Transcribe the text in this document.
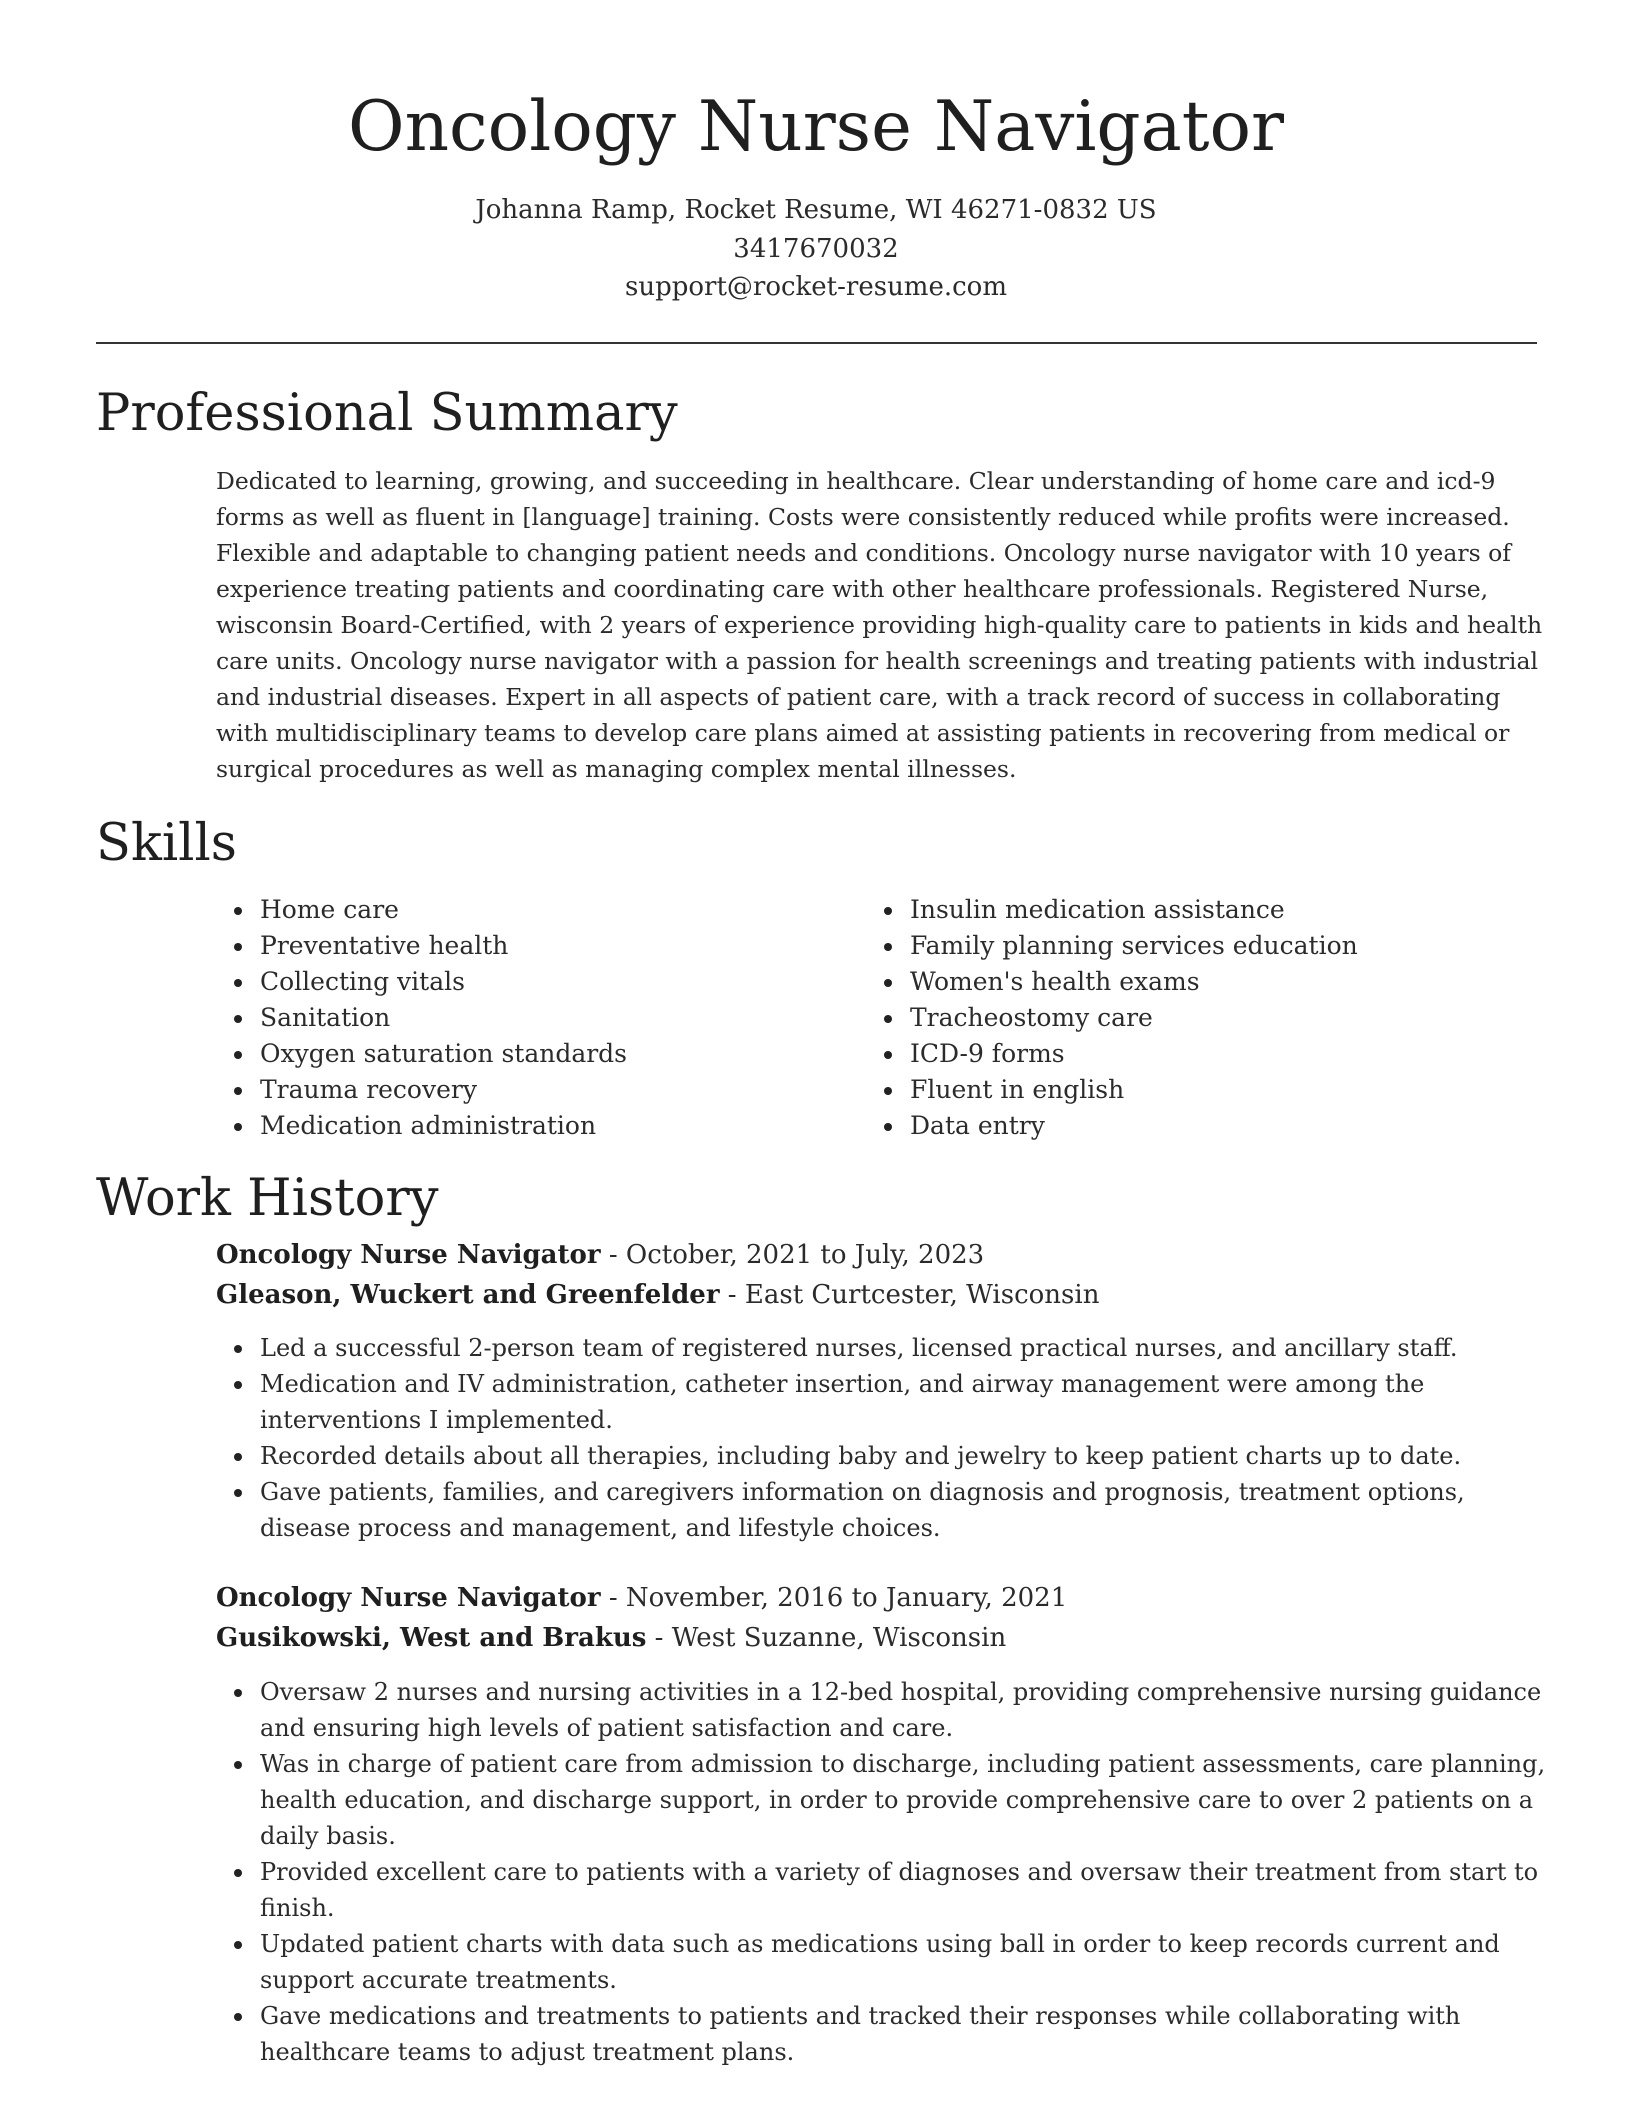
Oncology Nurse Navigator
Johanna Ramp, Rocket Resume, WI 46271-0832 US
3417670032
support@rocket-resume.com
Professional Summary
Dedicated to learning, growing, and succeeding in healthcare. Clear understanding of home care and icd-9 forms as well as fluent in [language] training. Costs were consistently reduced while profits were increased. Flexible and adaptable to changing patient needs and conditions. Oncology nurse navigator with 10 years of experience treating patients and coordinating care with other healthcare professionals. Registered Nurse, wisconsin Board-Certified, with 2 years of experience providing high-quality care to patients in kids and health care units. Oncology nurse navigator with a passion for health screenings and treating patients with industrial and industrial diseases. Expert in all aspects of patient care, with a track record of success in collaborating with multidisciplinary teams to develop care plans aimed at assisting patients in recovering from medical or surgical procedures as well as managing complex mental illnesses.
Skills
Home care
Preventative health
Collecting vitals
Sanitation
Oxygen saturation standards
Trauma recovery
Medication administration
Insulin medication assistance
Family planning services education
Women's health exams
Tracheostomy care
ICD-9 forms
Fluent in english
Data entry
Work History
Oncology Nurse Navigator - October, 2021 to July, 2023
Gleason, Wuckert and Greenfelder - East Curtcester, Wisconsin
Led a successful 2-person team of registered nurses, licensed practical nurses, and ancillary staff.
Medication and IV administration, catheter insertion, and airway management were among the interventions I implemented.
Recorded details about all therapies, including baby and jewelry to keep patient charts up to date.
Gave patients, families, and caregivers information on diagnosis and prognosis, treatment options, disease process and management, and lifestyle choices.
Oncology Nurse Navigator - November, 2016 to January, 2021
Gusikowski, West and Brakus - West Suzanne, Wisconsin
Oversaw 2 nurses and nursing activities in a 12-bed hospital, providing comprehensive nursing guidance and ensuring high levels of patient satisfaction and care.
Was in charge of patient care from admission to discharge, including patient assessments, care planning, health education, and discharge support, in order to provide comprehensive care to over 2 patients on a daily basis.
Provided excellent care to patients with a variety of diagnoses and oversaw their treatment from start to finish.
Updated patient charts with data such as medications using ball in order to keep records current and support accurate treatments.
Gave medications and treatments to patients and tracked their responses while collaborating with healthcare teams to adjust treatment plans.
